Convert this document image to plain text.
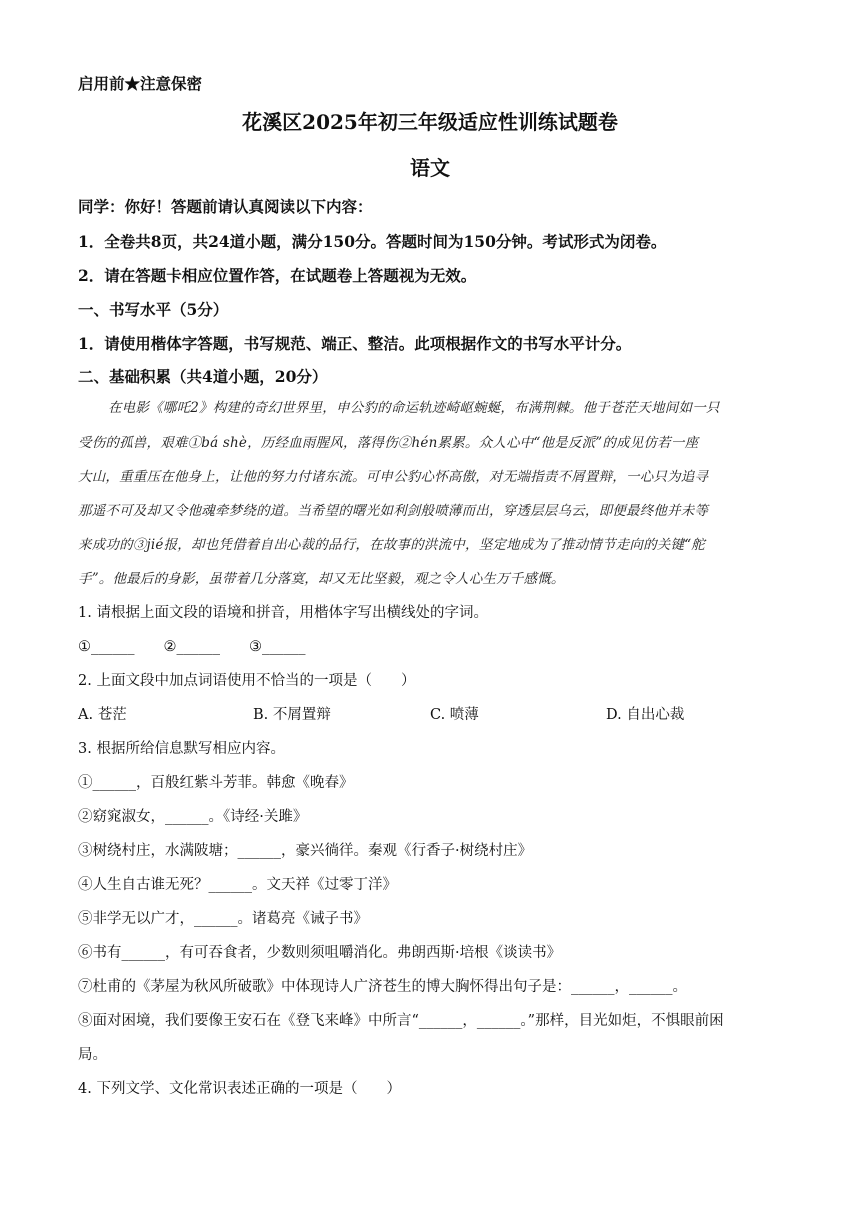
启用前★注意保密
花溪区2025年初三年级适应性训练试题卷
语文
同学：你好！答题前请认真阅读以下内容：
1．全卷共8页，共24道小题，满分150分。答题时间为150分钟。考试形式为闭卷。
2．请在答题卡相应位置作答，在试题卷上答题视为无效。
一、书写水平（5分）
1．请使用楷体字答题，书写规范、端正、整洁。此项根据作文的书写水平计分。
二、基础积累（共4道小题，20分）
在电影《哪吒2》构建的奇幻世界里，申公豹的命运轨迹崎岖蜿蜒，布满荆棘。他于苍茫天地间如一只
受伤的孤兽，艰难①bá shè，历经血雨腥风，落得伤②hén累累。众人心中“他是反派”的成见仿若一座
大山，重重压在他身上，让他的努力付诸东流。可申公豹心怀高傲，对无端指责不屑置辩，一心只为追寻
那遥不可及却又令他魂牵梦绕的道。当希望的曙光如利剑般喷薄而出，穿透层层乌云，即便最终他并未等
来成功的③jié报，却也凭借着自出心裁的品行，在故事的洪流中，坚定地成为了推动情节走向的关键“舵
手”。他最后的身影，虽带着几分落寞，却又无比坚毅，观之令人心生万千感慨。
1. 请根据上面文段的语境和拼音，用楷体字写出横线处的字词。
①______　　②______　　③______
2. 上面文段中加点词语使用不恰当的一项是（　　）
A. 苍茫	B. 不屑置辩	C. 喷薄	D. 自出心裁
3. 根据所给信息默写相应内容。
①______，百般红紫斗芳菲。韩愈《晚春》
②窈窕淑女，______。《诗经·关雎》
③树绕村庄，水满陂塘；______，豪兴徜徉。秦观《行香子·树绕村庄》
④人生自古谁无死？______。文天祥《过零丁洋》
⑤非学无以广才，______。诸葛亮《诫子书》
⑥书有______，有可吞食者，少数则须咀嚼消化。弗朗西斯·培根《谈读书》
⑦杜甫的《茅屋为秋风所破歌》中体现诗人广济苍生的博大胸怀得出句子是：______，______。
⑧面对困境，我们要像王安石在《登飞来峰》中所言“______，______。”那样，目光如炬，不惧眼前困
局。
4. 下列文学、文化常识表述正确的一项是（　　）
